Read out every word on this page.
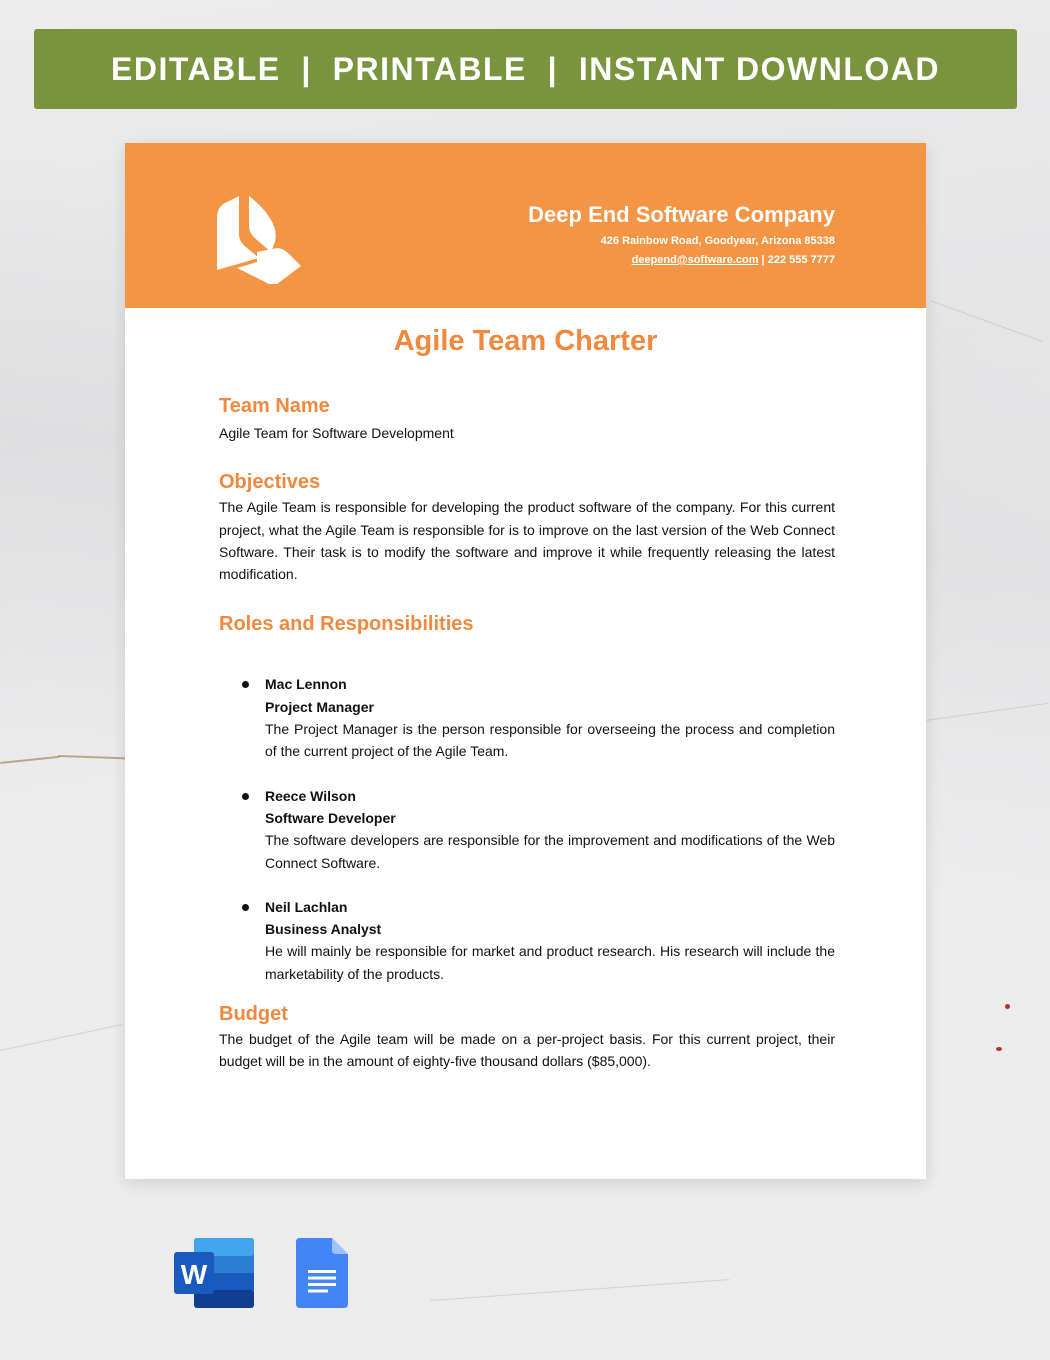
EDITABLE  |  PRINTABLE  |  INSTANT DOWNLOAD
Deep End Software Company
426 Rainbow Road, Goodyear, Arizona 85338
deepend@software.com | 222 555 7777
Agile Team Charter
Team Name
Agile Team for Software Development
Objectives
The Agile Team is responsible for developing the product software of the company. For this current project, what the Agile Team is responsible for is to improve on the last version of the Web Connect Software. Their task is to modify the software and improve it while frequently releasing the latest modification.
Roles and Responsibilities
Mac Lennon
Project Manager
The Project Manager is the person responsible for overseeing the process and completion of the current project of the Agile Team.
Reece Wilson
Software Developer
The software developers are responsible for the improvement and modifications of the Web Connect Software.
Neil Lachlan
Business Analyst
He will mainly be responsible for market and product research. His research will include the marketability of the products.
Budget
The budget of the Agile team will be made on a per-project basis. For this current project, their budget will be in the amount of eighty-five thousand dollars ($85,000).
W
